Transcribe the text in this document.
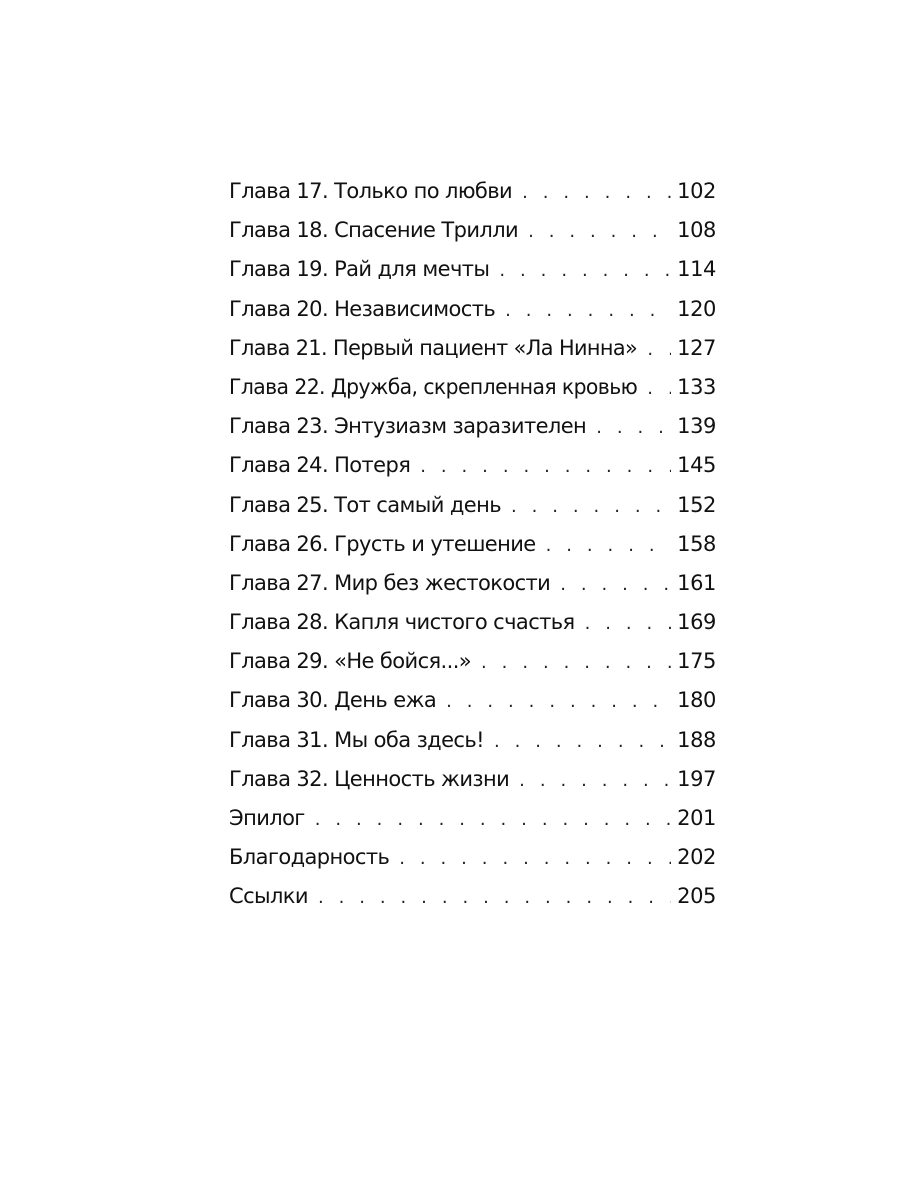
Глава 17. Только по любви . . .	102
Глава 18. Спасение Трилли . . .	108
Глава 19. Рай для мечты . . .	114
Глава 20. Независимость . . .	120
Глава 21. Первый пациент «Ла Нинна» . . . 127
Глава 22. Дружба, скрепленная кровью . . . 133
Глава 23. Энтузиазм заразителен . . .	139
Глава 24. Потеря . . .	145
Глава 25. Тот самый день . . .	152
Глава 26. Грусть и утешение . . .	158
Глава 27. Мир без жестокости . . .	161
Глава 28. Капля чистого счастья . . .	169
Глава 29. «Не бойся...» . . .	175
Глава 30. День ежа . . .	180
Глава 31. Мы оба здесь! . . .	188
Глава 32. Ценность жизни . . .	197
Эпилог . . .	201
Благодарность . . .	202
Ссылки . . .	205
